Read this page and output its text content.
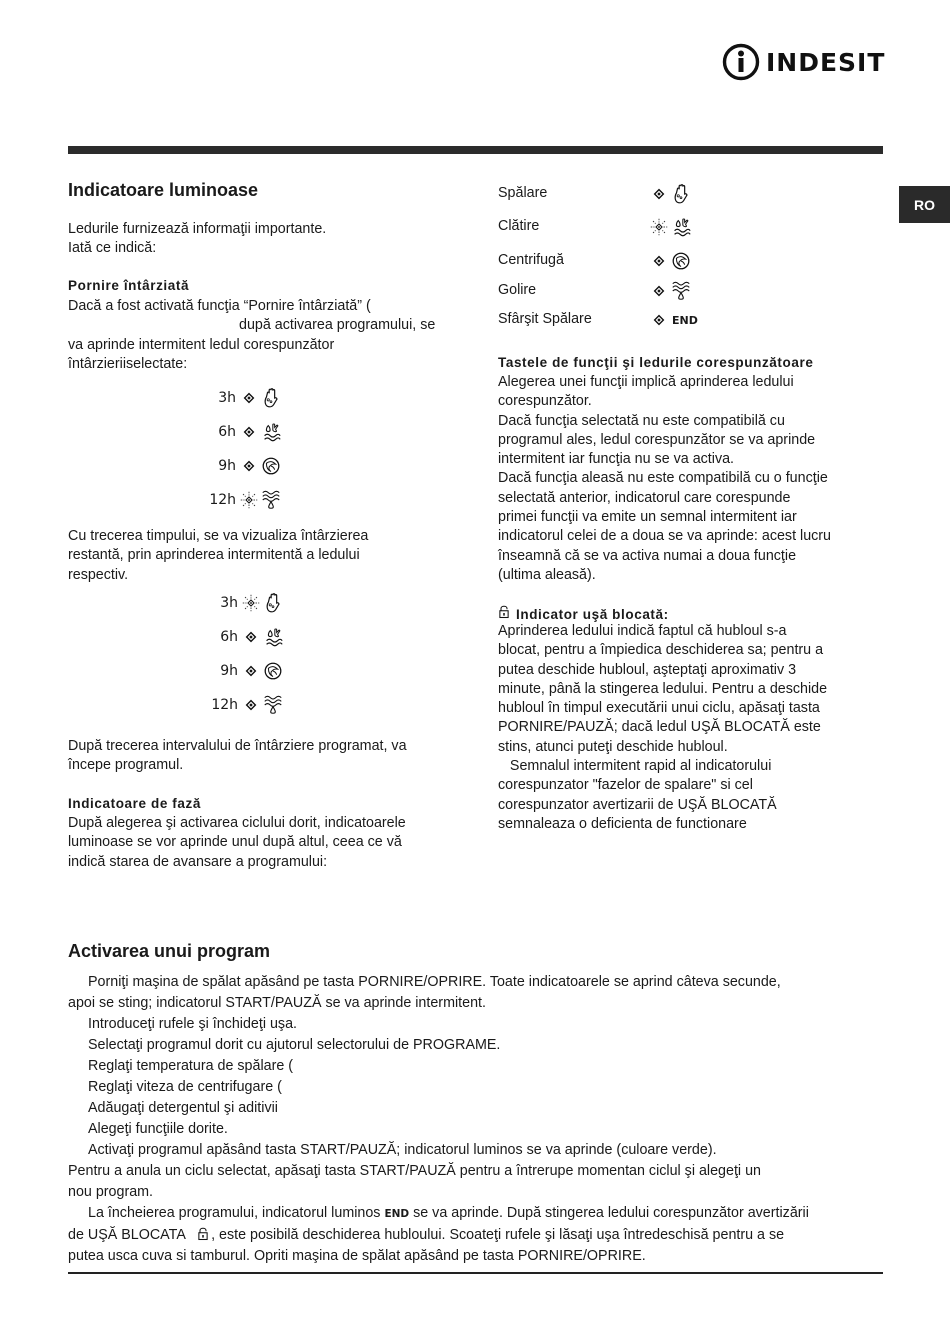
INDESIT
RO
Indicatoare luminoase
Ledurile furnizează informaţii importante.
Iată ce indică:
Pornire întârziată
Dacă a fost activată funcţia “Pornire întârziată” (
după activarea programului, se
va aprinde intermitent ledul corespunzător
întârzieriiselectate:
3h
6h
9h
12h
Cu trecerea timpului, se va vizualiza întârzierea
restantă, prin aprinderea intermitentă a ledului
respectiv.
3h
6h
9h
12h
După trecerea intervalului de întârziere programat, va
începe programul.
Indicatoare de fază
După alegerea şi activarea ciclului dorit, indicatoarele
luminoase se vor aprinde unul după altul, ceea ce vă
indică starea de avansare a programului:
Spălare
Clătire
Centrifugă
Golire
Sfârşit Spălare	END
Tastele de funcţii şi ledurile corespunzătoare
Alegerea unei funcţii implică aprinderea ledului
corespunzător.
Dacă funcţia selectată nu este compatibilă cu
programul ales, ledul corespunzător se va aprinde
intermitent iar funcţia nu se va activa.
Dacă funcţia aleasă nu este compatibilă cu o funcţie
selectată anterior, indicatorul care corespunde
primei funcţii va emite un semnal intermitent iar
indicatorul celei de a doua se va aprinde: acest lucru
înseamnă că se va activa numai a doua funcţie
(ultima aleasă).
Indicator uşă blocată:
Aprinderea ledului indică faptul că hubloul s-a
blocat, pentru a împiedica deschiderea sa; pentru a
putea deschide hubloul, aşteptaţi aproximativ 3
minute, până la stingerea ledului. Pentru a deschide
hubloul în timpul executării unui ciclu, apăsaţi tasta
PORNIRE/PAUZĂ; dacă ledul UŞĂ BLOCATĂ este
stins, atunci puteţi deschide hubloul.
Semnalul intermitent rapid al indicatorului
corespunzator "fazelor de spalare" si cel
corespunzator avertizarii de UŞĂ BLOCATĂ
semnaleaza o deficienta de functionare
Activarea unui program
Porniţi maşina de spălat apăsând pe tasta PORNIRE/OPRIRE. Toate indicatoarele se aprind câteva secunde,
apoi se sting; indicatorul START/PAUZĂ se va aprinde intermitent.
Introduceţi rufele şi închideţi uşa.
Selectaţi programul dorit cu ajutorul selectorului de PROGRAME.
Reglaţi temperatura de spălare (
Reglaţi viteza de centrifugare (
Adăugaţi detergentul şi aditivii
Alegeţi funcţiile dorite.
Activaţi programul apăsând tasta START/PAUZĂ; indicatorul luminos se va aprinde (culoare verde).
Pentru a anula un ciclu selectat, apăsaţi tasta START/PAUZĂ pentru a întrerupe momentan ciclul şi alegeţi un
nou program.
La încheierea programului, indicatorul luminos END se va aprinde. După stingerea ledului corespunzător avertizării
de UŞĂ BLOCATA , este posibilă deschiderea hubloului. Scoateţi rufele şi lăsaţi uşa întredeschisă pentru a se
putea usca cuva si tamburul. Opriti maşina de spălat apăsând pe tasta PORNIRE/OPRIRE.
